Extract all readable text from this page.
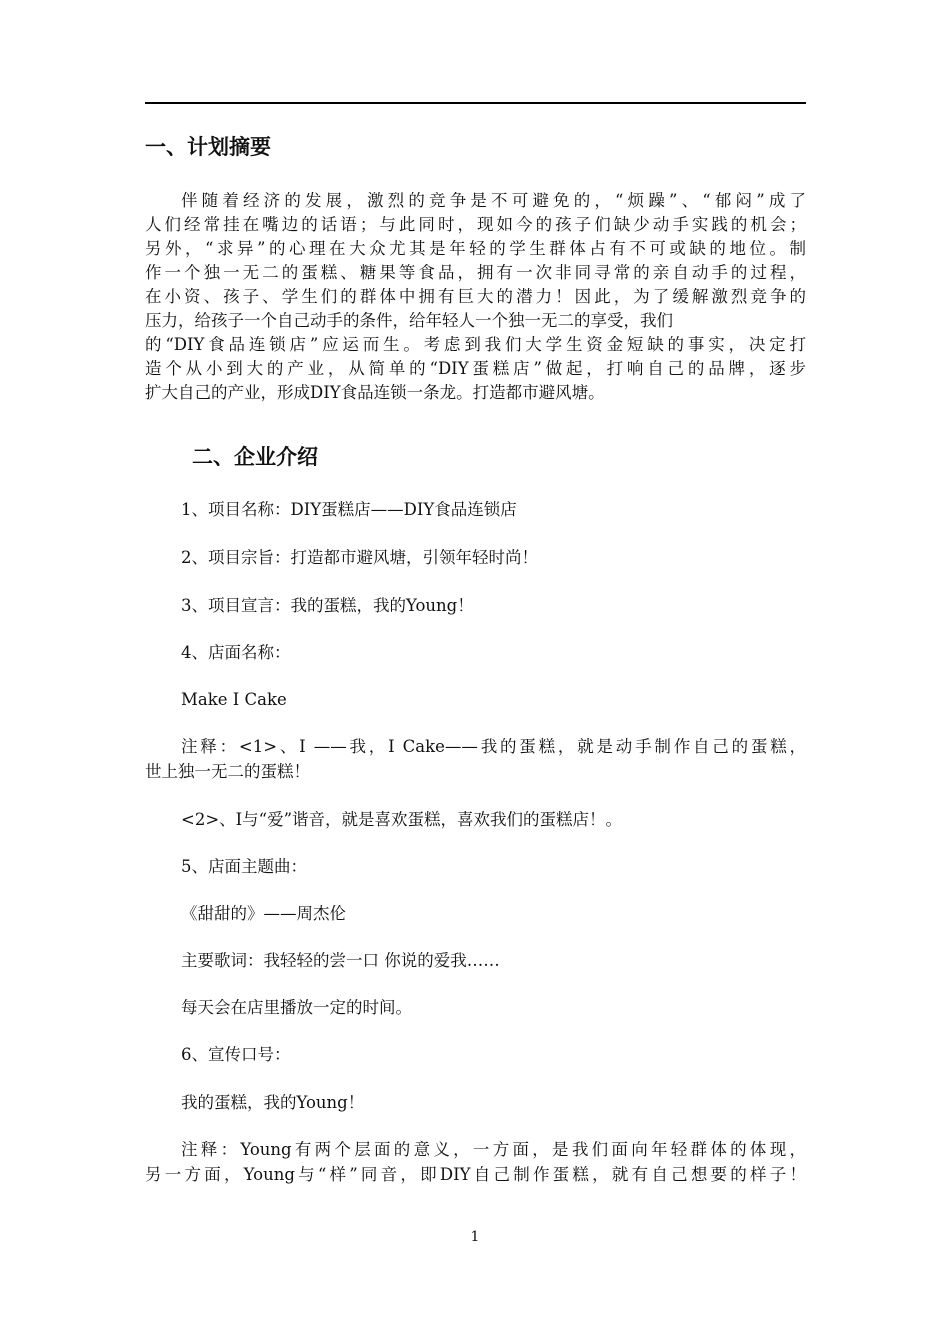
一、计划摘要
伴随着经济的发展，激烈的竞争是不可避免的，“烦躁”、“郁闷”成了
人们经常挂在嘴边的话语；与此同时，现如今的孩子们缺少动手实践的机会；
另外，“求异”的心理在大众尤其是年轻的学生群体占有不可或缺的地位。制
作一个独一无二的蛋糕、糖果等食品，拥有一次非同寻常的亲自动手的过程，
在小资、孩子、学生们的群体中拥有巨大的潜力！因此，为了缓解激烈竞争的
压力，给孩子一个自己动手的条件，给年轻人一个独一无二的享受，我们
的“DIY食品连锁店”应运而生。考虑到我们大学生资金短缺的事实，决定打
造个从小到大的产业，从简单的“DIY蛋糕店”做起，打响自己的品牌，逐步
扩大自己的产业，形成DIY食品连锁一条龙。打造都市避风塘。
二、企业介绍
1、项目名称：DIY蛋糕店——DIY食品连锁店
2、项目宗旨：打造都市避风塘，引领年轻时尚！
3、项目宣言：我的蛋糕，我的Young！
4、店面名称：
Make I Cake
注释：<1>、I ——我，I Cake——我的蛋糕，就是动手制作自己的蛋糕，
世上独一无二的蛋糕！
<2>、I与“爱”谐音，就是喜欢蛋糕，喜欢我们的蛋糕店！。
5、店面主题曲：
《甜甜的》——周杰伦
主要歌词：我轻轻的尝一口 你说的爱我……
每天会在店里播放一定的时间。
6、宣传口号：
我的蛋糕，我的Young！
注释：Young有两个层面的意义，一方面，是我们面向年轻群体的体现，
另一方面，Young与“样”同音，即DIY自己制作蛋糕，就有自己想要的样子！
1
